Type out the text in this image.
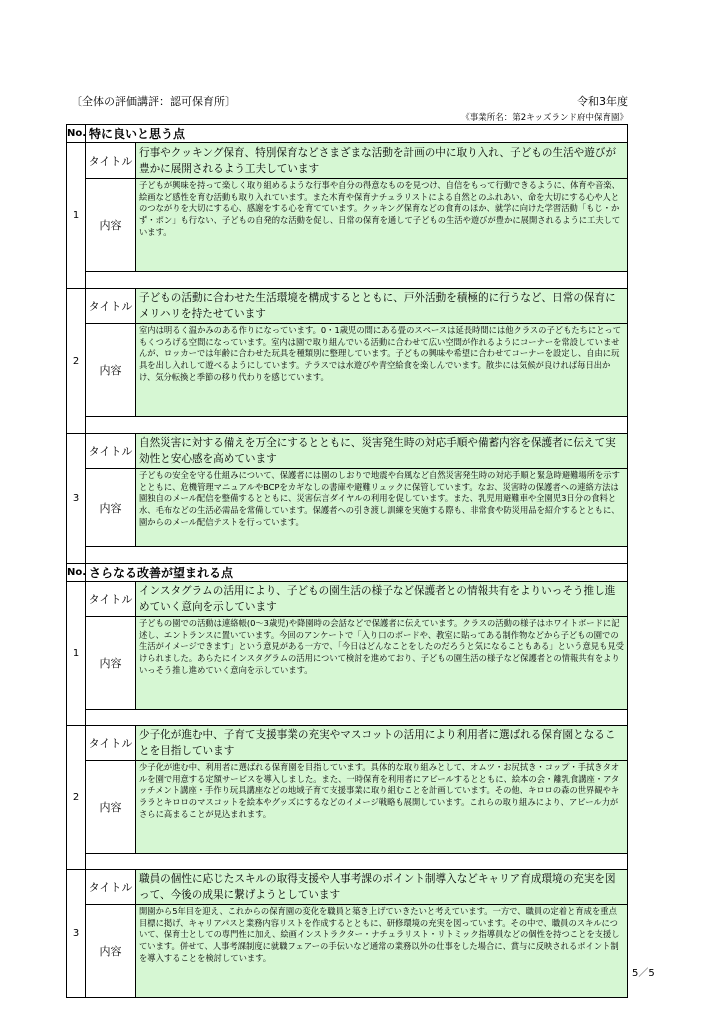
〔全体の評価講評：認可保育所〕	令和3年度
《事業所名：第2キッズランド府中保育園》
No.	特に良いと思う点	
1	タイトル	行事やクッキング保育、特別保育などさまざまな活動を計画の中に取り入れ、子どもの生活や遊びが豊かに展開されるよう工夫しています
	内容	子どもが興味を持って楽しく取り組めるような行事や自分の得意なものを見つけ、自信をもって行動できるように、体育や音楽、絵画など感性を育む活動も取り入れています。また木育や保育ナチュラリストによる自然とのふれあい、命を大切にする心や人とのつながりを大切にする心、感謝をする心を育てています。クッキング保育などの食育のほか、就学に向けた学習活動「もじ・かず・ポン」も行ない、子どもの自発的な活動を促し、日常の保育を通して子どもの生活や遊びが豊かに展開されるように工夫しています。

2	タイトル	子どもの活動に合わせた生活環境を構成するとともに、戸外活動を積極的に行うなど、日常の保育にメリハリを持たせています
	内容	室内は明るく温かみのある作りになっています。0・1歳児の間にある畳のスペースは延長時間には他クラスの子どもたちにとってもくつろげる空間になっています。室内は園で取り組んでいる活動に合わせて広い空間が作れるようにコーナーを常設していませんが、ロッカーでは年齢に合わせた玩具を種類別に整理しています。子どもの興味や希望に合わせてコーナーを設定し、自由に玩具を出し入れして遊べるようにしています。テラスでは水遊びや青空給食を楽しんでいます。散歩には気候が良ければ毎日出かけ、気分転換と季節の移り代わりを感じています。

3	タイトル	自然災害に対する備えを万全にするとともに、災害発生時の対応手順や備蓄内容を保護者に伝えて実効性と安心感を高めています
	内容	子どもの安全を守る仕組みについて、保護者には園のしおりで地震や台風など自然災害発生時の対応手順と緊急時避難場所を示すとともに、危機管理マニュアルやBCPをカギなしの書庫や避難リュックに保管しています。なお、災害時の保護者への連絡方法は園独自のメール配信を整備するとともに、災害伝言ダイヤルの利用を促しています。また、乳児用避難車や全園児3日分の食料と水、毛布などの生活必需品を常備しています。保護者への引き渡し訓練を実施する際も、非常食や防災用品を紹介するとともに、園からのメール配信テストを行っています。

No.	さらなる改善が望まれる点	
1	タイトル	インスタグラムの活用により、子どもの園生活の様子など保護者との情報共有をよりいっそう推し進めていく意向を示しています
	内容	子どもの園での活動は連絡帳(0〜3歳児)や降園時の会話などで保護者に伝えています。クラスの活動の様子はホワイトボードに記述し、エントランスに置いています。今回のアンケートで「入り口のボードや、教室に貼ってある制作物などから子どもの園での生活がイメージできます」という意見がある一方で、「今日はどんなことをしたのだろうと気になることもある」という意見も見受けられました。あらたにインスタグラムの活用について検討を進めており、子どもの園生活の様子など保護者との情報共有をよりいっそう推し進めていく意向を示しています。

2	タイトル	少子化が進む中、子育て支援事業の充実やマスコットの活用により利用者に選ばれる保育園となることを目指しています
	内容	少子化が進む中、利用者に選ばれる保育園を目指しています。具体的な取り組みとして、オムツ・お尻拭き・コップ・手拭きタオルを園で用意する定額サービスを導入しました。また、一時保育を利用者にアピールするとともに、絵本の会・離乳食講座・アタッチメント講座・手作り玩具講座などの地域子育て支援事業に取り組むことを計画しています。その他、キロロの森の世界観やキララとキロロのマスコットを絵本やグッズにするなどのイメージ戦略も展開しています。これらの取り組みにより、アピール力がさらに高まることが見込まれます。

3	タイトル	職員の個性に応じたスキルの取得支援や人事考課のポイント制導入などキャリア育成環境の充実を図って、今後の成果に繋げようとしています
	内容	開園から5年目を迎え、これからの保育園の変化を職員と築き上げていきたいと考えています。一方で、職員の定着と育成を重点目標に掲げ、キャリアパスと業務内容リストを作成するとともに、研修環境の充実を図っています。その中で、職員のスキルについて、保育士としての専門性に加え、絵画インストラクター・ナチュラリスト・リトミック指導員などの個性を持つことを支援しています。併せて、人事考課制度に就職フェアーの手伝いなど通常の業務以外の仕事をした場合に、賞与に反映されるポイント制を導入することを検討しています。
5／5
